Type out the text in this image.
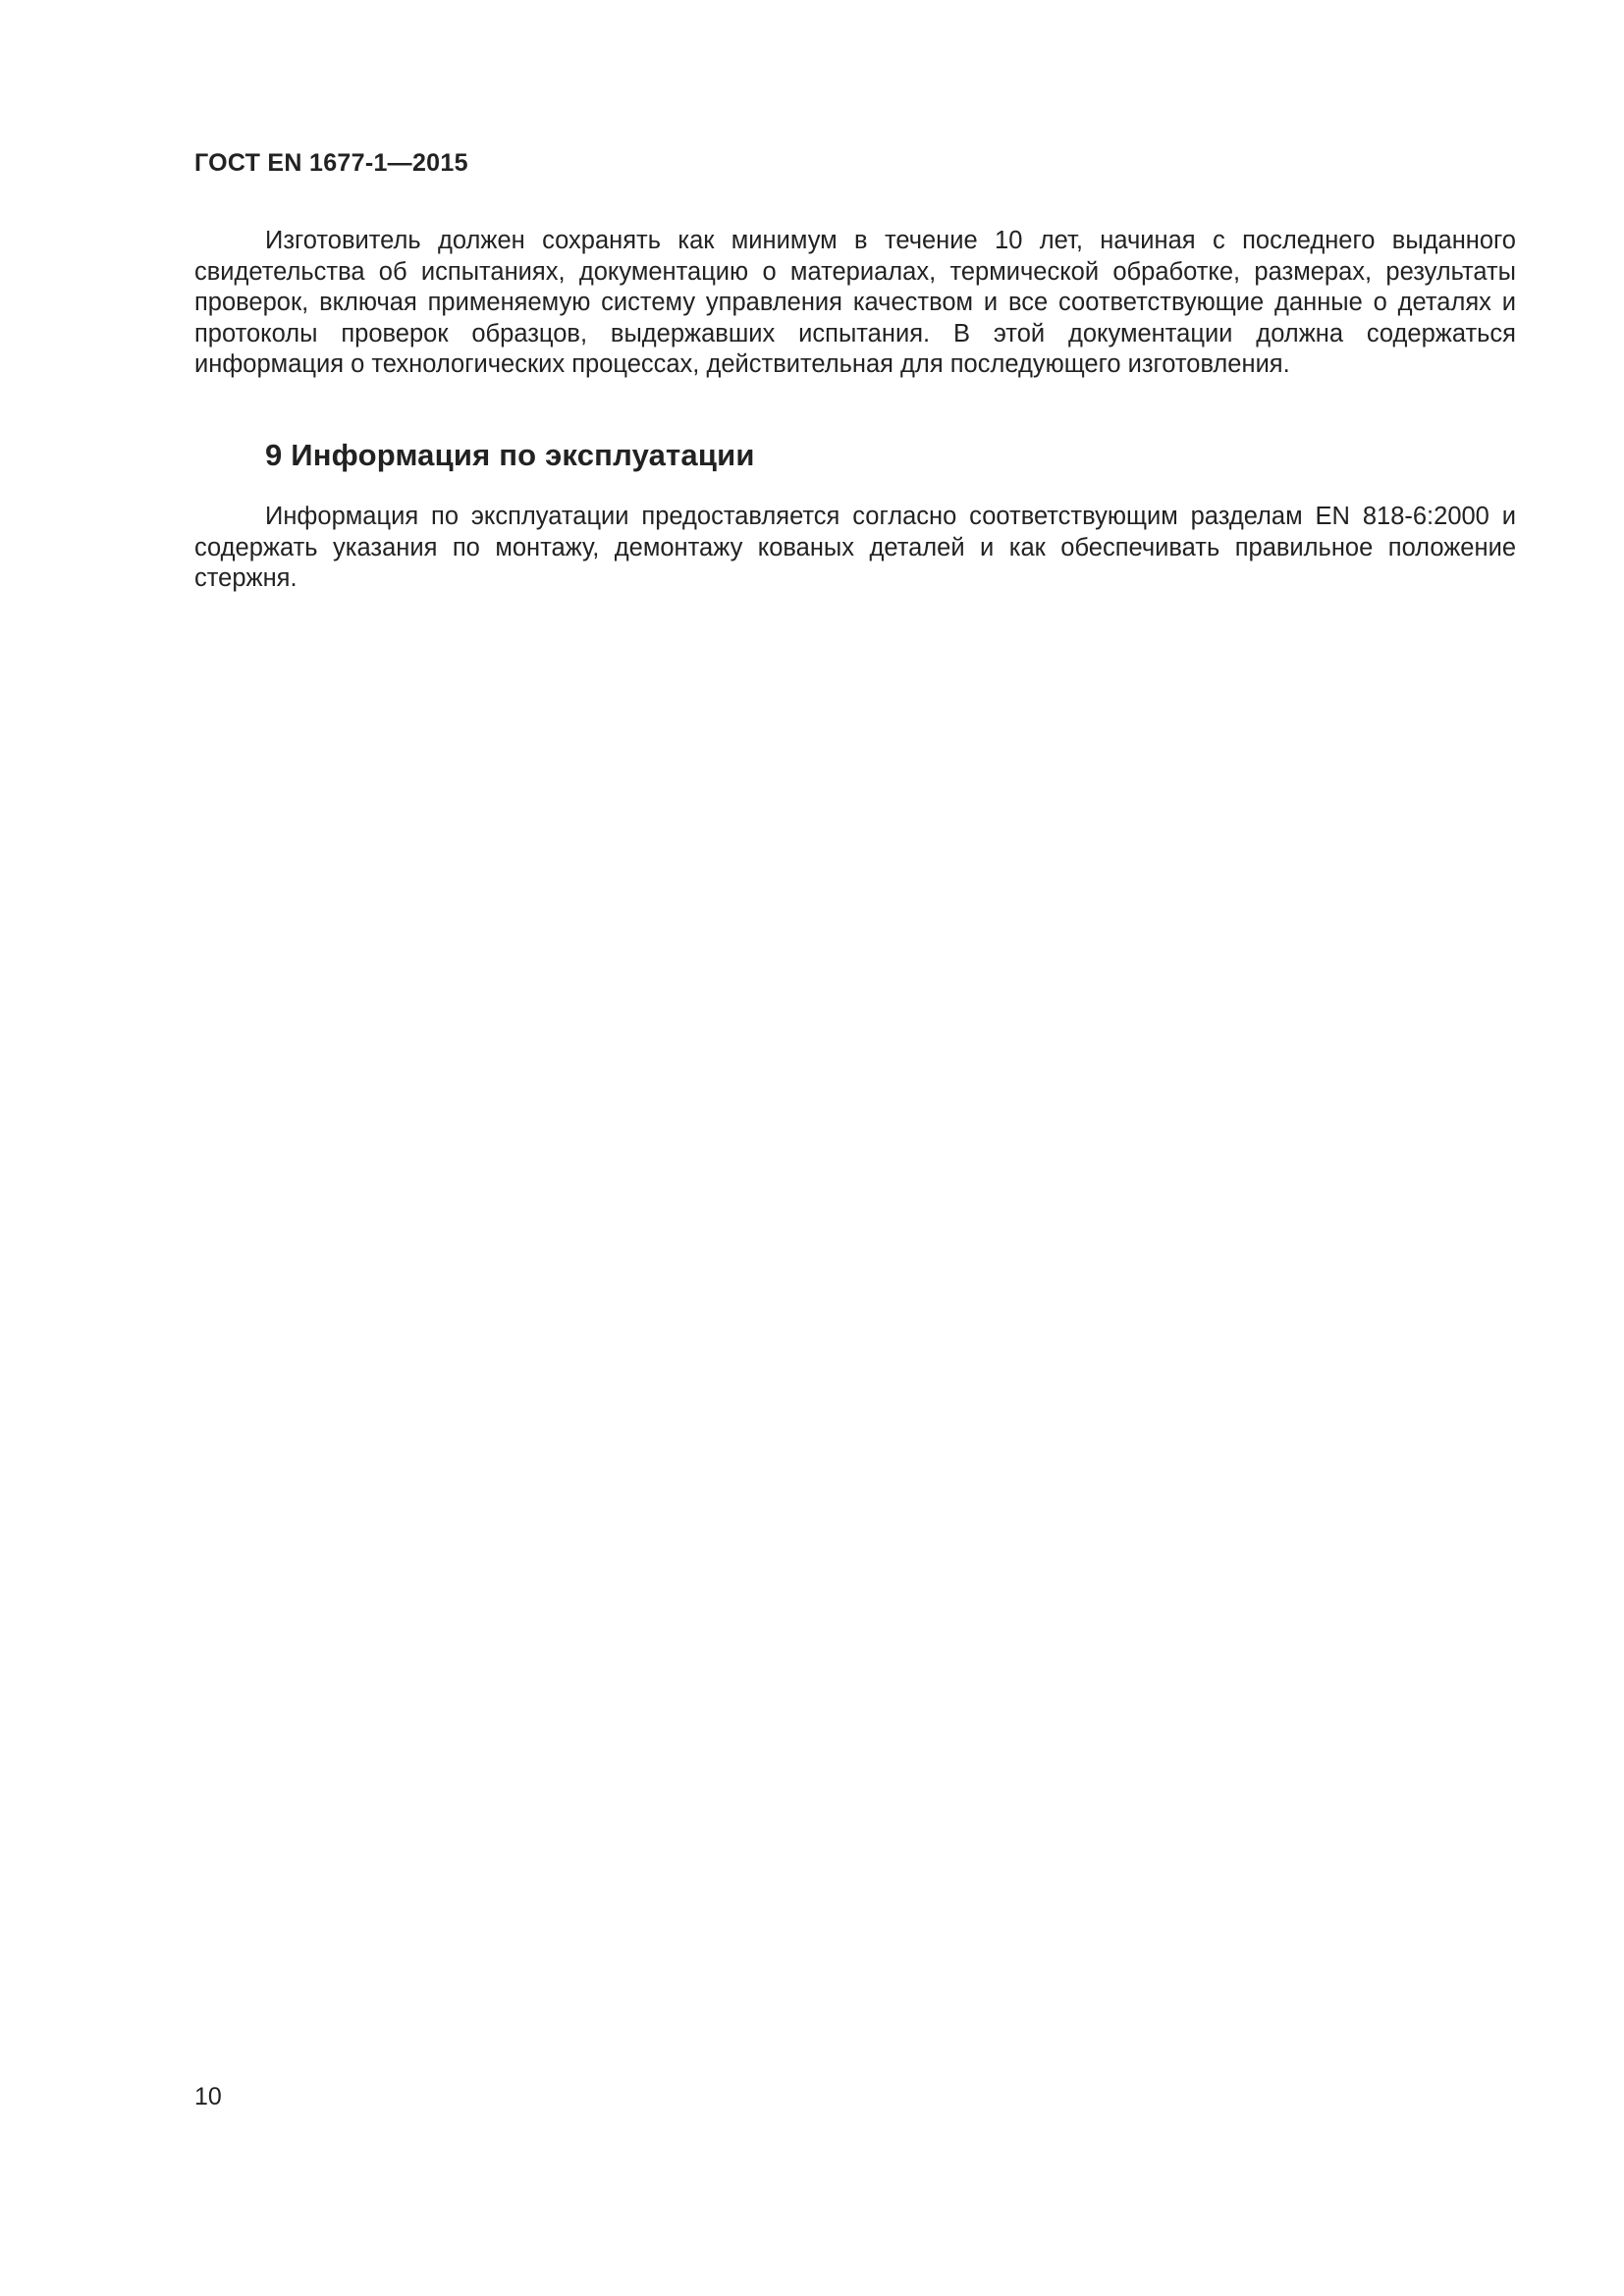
ГОСТ EN 1677-1—2015

Изготовитель должен сохранять как минимум в течение 10 лет, начиная с последнего выданного свидетельства об испытаниях, документацию о материалах, термической обработке, размерах, результаты проверок, включая применяемую систему управления качеством и все соответствующие данные о деталях и протоколы проверок образцов, выдержавших испытания. В этой документации должна содержаться информация о технологических процессах, действительная для последующего изготовления.

9 Информация по эксплуатации

Информация по эксплуатации предоставляется согласно соответствующим разделам EN 818-6:2000 и содержать указания по монтажу, демонтажу кованых деталей и как обеспечивать правильное положение стержня.

10
